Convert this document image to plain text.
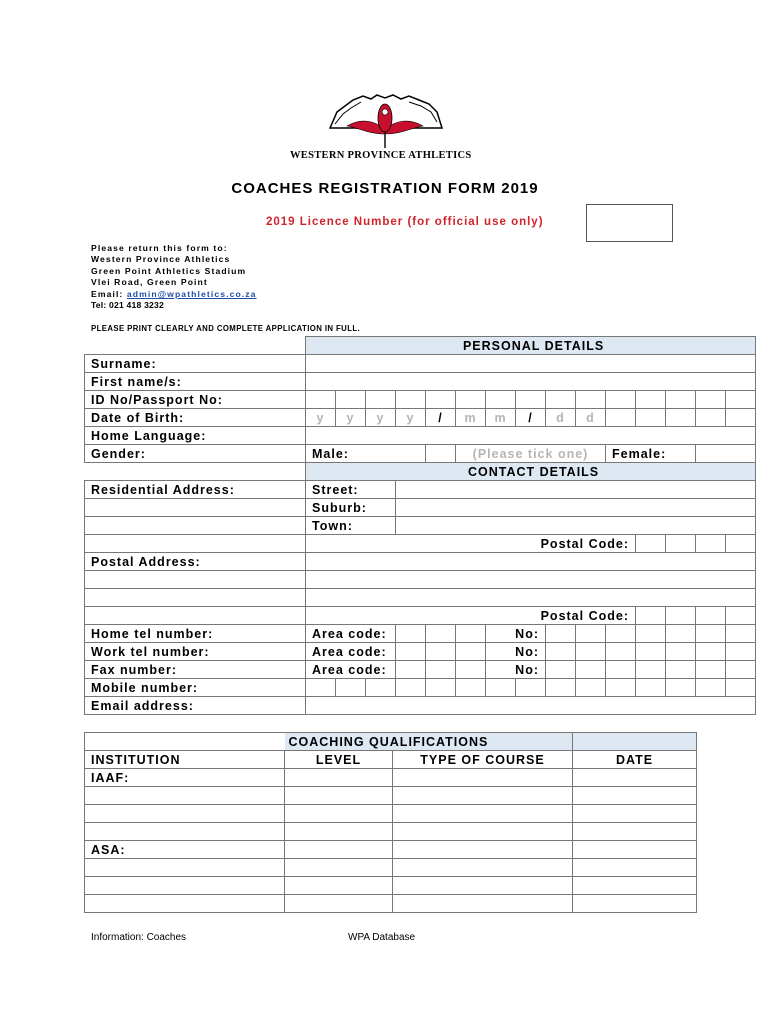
WESTERN PROVINCE ATHLETICS
COACHES REGISTRATION FORM 2019
2019 Licence Number (for official use only)
Please return this form to:
Western Province Athletics
Green Point Athletics Stadium
Vlei Road, Green Point
Email: admin@wpathletics.co.za
Tel: 021 418 3232
PLEASE PRINT CLEARLY AND COMPLETE APPLICATION IN FULL.
	PERSONAL DETAILS														
Surname:															
First name/s:															
ID No/Passport No:															
Date of Birth:	y	y	y	y	/	m	m	/	d	d					
Home Language:															
Gender:	Male:					(Please tick one)					Female:				
	CONTACT DETAILS														
Residential Address:	Street:														
	Suburb:														
	Town:														
	Postal Code:														
Postal Address:															

	Postal Code:														
Home tel number:	Area code:						No:								
Work tel number:	Area code:						No:								
Fax number:	Area code:						No:								
Mobile number:															
Email address:															
	COACHING QUALIFICATIONS		
INSTITUTION	LEVEL	TYPE OF COURSE	DATE
IAAF:			

ASA:			

Information: Coaches	WPA Database
